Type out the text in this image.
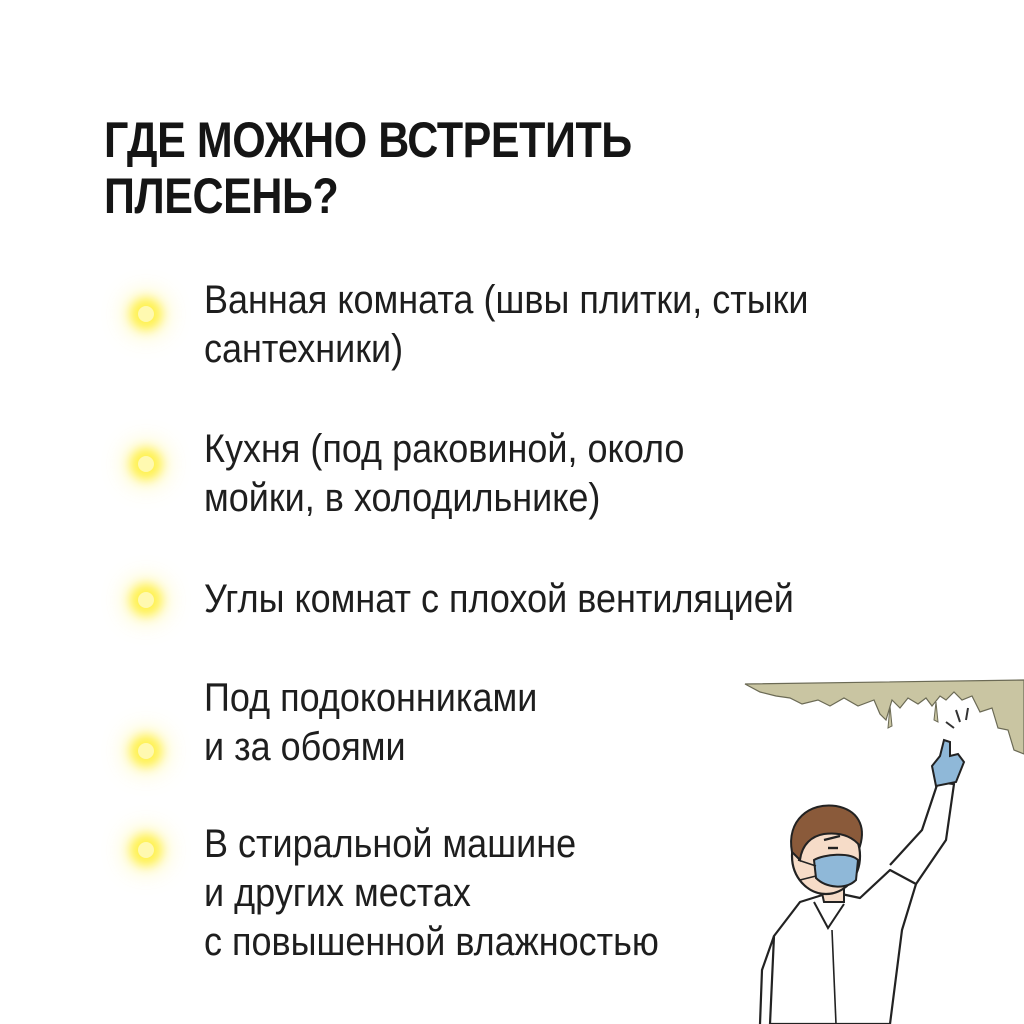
ГДЕ МОЖНО ВСТРЕТИТЬ
ПЛЕСЕНЬ?
Ванная комната (швы плитки, стыки
сантехники)
Кухня (под раковиной, около
мойки, в холодильнике)
Углы комнат с плохой вентиляцией
Под подоконниками
и за обоями
В стиральной машине
и других местах
с повышенной влажностью
